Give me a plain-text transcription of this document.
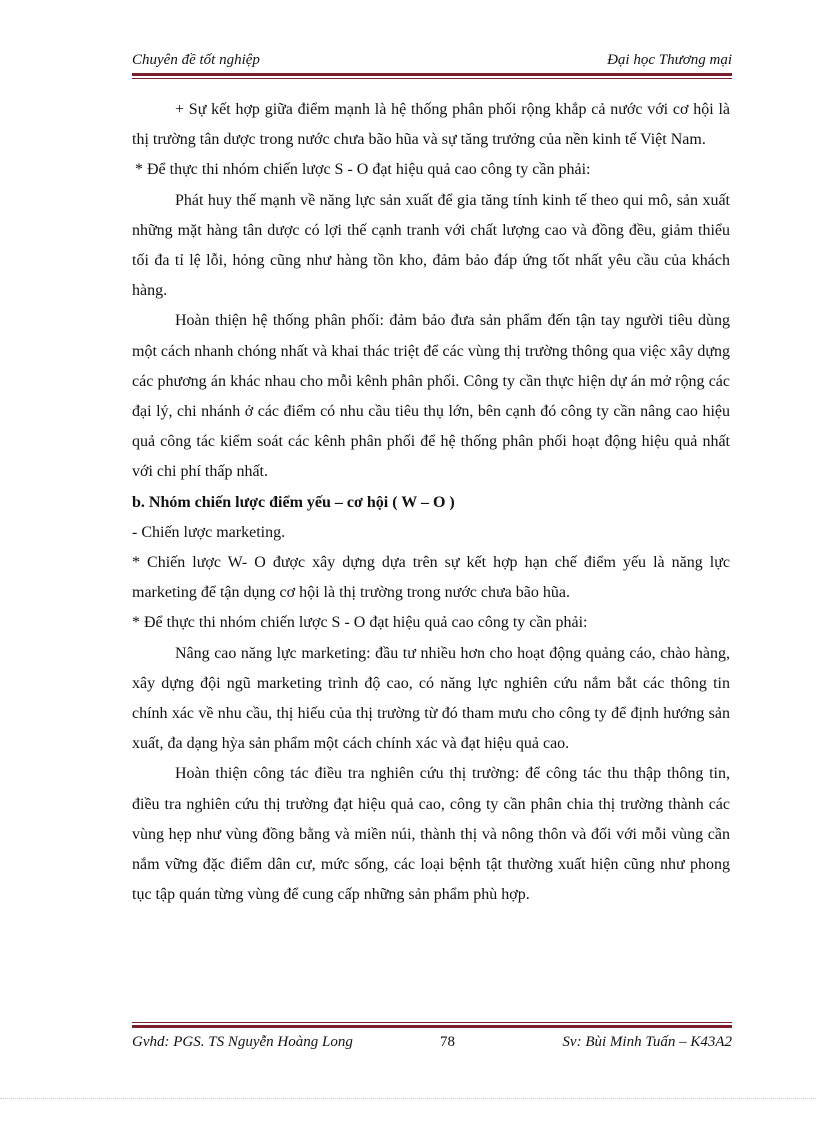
Chuyên đề tốt nghiệp	Đại học Thương mại

+ Sự kết hợp giữa điểm mạnh là hệ thống phân phối rộng khắp cả nước với cơ hội là thị trường tân dược trong nước chưa bão hũa và sự tăng trưởng của nền kinh tế Việt Nam.

* Để thực thi nhóm chiến lược S - O đạt hiệu quả cao công ty cần phải:

Phát huy thế mạnh về năng lực sản xuất để gia tăng tính kinh tế theo qui mô, sản xuất những mặt hàng tân dược có lợi thế cạnh tranh với chất lượng cao và đồng đều, giảm thiểu tối đa tỉ lệ lỗi, hỏng cũng như hàng tồn kho, đảm bảo đáp ứng tốt nhất yêu cầu của khách hàng.

Hoàn thiện hệ thống phân phối: đảm bảo đưa sản phẩm đến tận tay người tiêu dùng một cách nhanh chóng nhất và khai thác triệt để các vùng thị trường thông qua việc xây dựng các phương án khác nhau cho mỗi kênh phân phối. Công ty cần thực hiện dự án mở rộng các đại lý, chi nhánh ở các điểm có nhu cầu tiêu thụ lớn, bên cạnh đó công ty cần nâng cao hiệu quả công tác kiểm soát các kênh phân phối để hệ thống phân phối hoạt động hiệu quả nhất với chi phí thấp nhất.

b. Nhóm chiến lược điểm yếu – cơ hội ( W – O )

- Chiến lược marketing.

* Chiến lược W- O được xây dựng dựa trên sự kết hợp hạn chế điểm yếu là năng lực marketing để tận dụng cơ hội là thị trường trong nước chưa bão hũa.

* Để thực thi nhóm chiến lược S - O đạt hiệu quả cao công ty cần phải:

Nâng cao năng lực marketing: đầu tư nhiều hơn cho hoạt động quảng cáo, chào hàng, xây dựng đội ngũ marketing trình độ cao, có năng lực nghiên cứu nắm bắt các thông tin chính xác về nhu cầu, thị hiếu của thị trường từ đó tham mưu cho công ty để định hướng sản xuất, đa dạng hỳa sản phẩm một cách chính xác và đạt hiệu quả cao.

Hoàn thiện công tác điều tra nghiên cứu thị trường: để công tác thu thập thông tin, điều tra nghiên cứu thị trường đạt hiệu quả cao, công ty cần phân chia thị trường thành các vùng hẹp như vùng đồng bằng và miền núi, thành thị và nông thôn và đối với mỗi vùng cần nắm vững đặc điểm dân cư, mức sống, các loại bệnh tật thường xuất hiện cũng như phong tục tập quán từng vùng để cung cấp những sản phẩm phù hợp.

Gvhd: PGS. TS Nguyễn Hoàng Long	78	Sv: Bùi Minh Tuấn – K43A2
